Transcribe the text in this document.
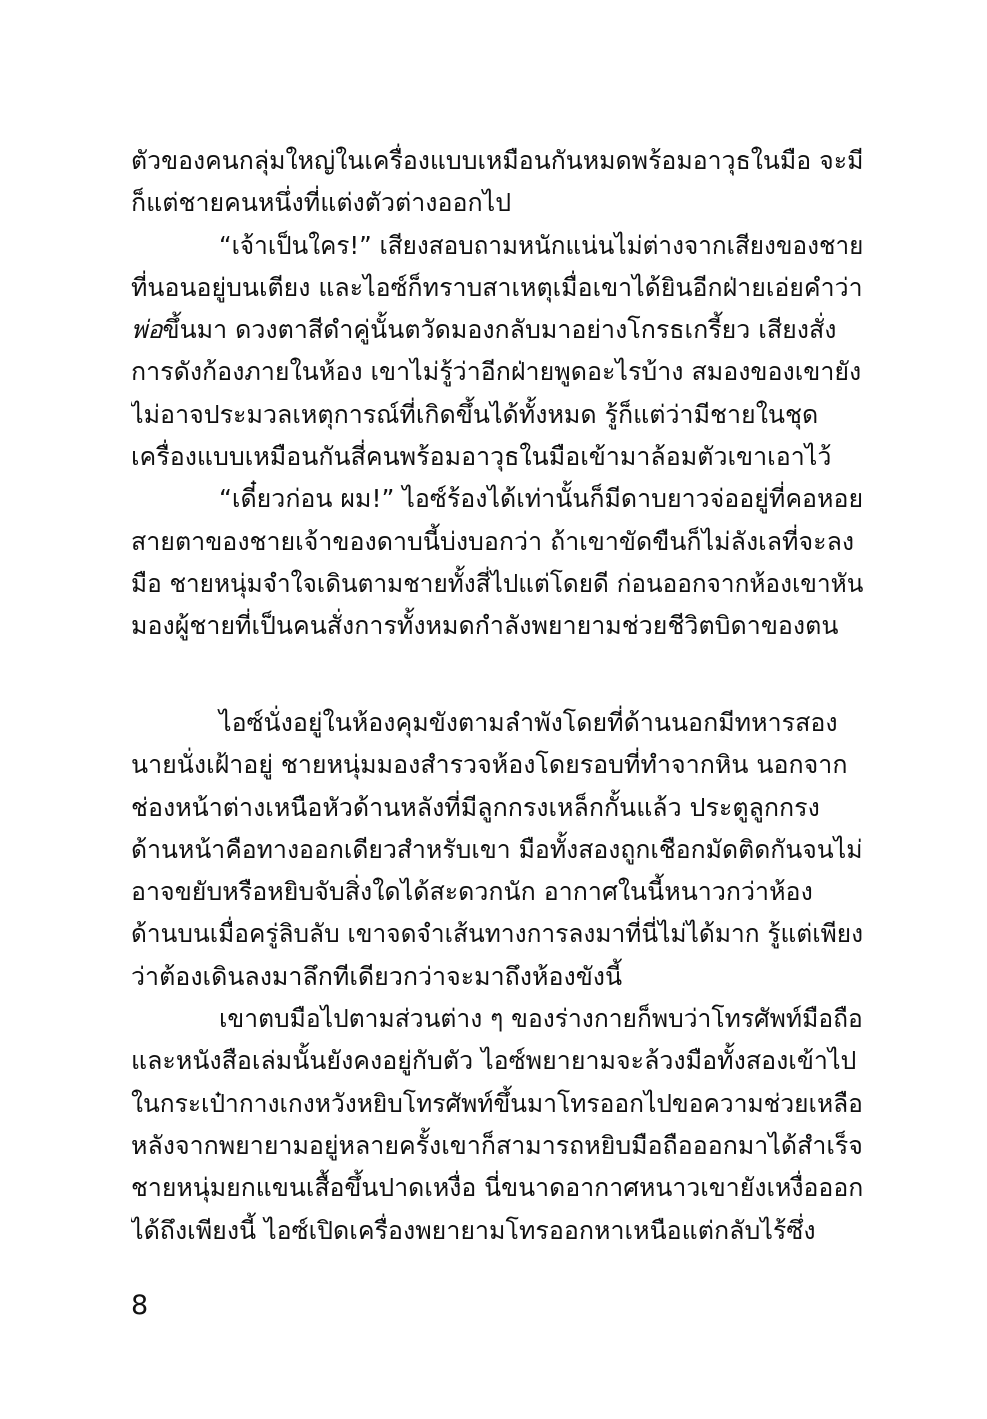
ตัวของคนกลุ่มใหญ่ในเครื่องแบบเหมือนกันหมดพร้อมอาวุธในมือ จะมี
ก็แต่ชายคนหนึ่งที่แต่งตัวต่างออกไป
“เจ้าเป็นใคร!” เสียงสอบถามหนักแน่นไม่ต่างจากเสียงของชาย
ที่นอนอยู่บนเตียง และไอซ์ก็ทราบสาเหตุเมื่อเขาได้ยินอีกฝ่ายเอ่ยคำว่า
พ่อขึ้นมา ดวงตาสีดำคู่นั้นตวัดมองกลับมาอย่างโกรธเกรี้ยว เสียงสั่ง
การดังก้องภายในห้อง เขาไม่รู้ว่าอีกฝ่ายพูดอะไรบ้าง สมองของเขายัง
ไม่อาจประมวลเหตุการณ์ที่เกิดขึ้นได้ทั้งหมด รู้ก็แต่ว่ามีชายในชุด
เครื่องแบบเหมือนกันสี่คนพร้อมอาวุธในมือเข้ามาล้อมตัวเขาเอาไว้
“เดี๋ยวก่อน ผม!” ไอซ์ร้องได้เท่านั้นก็มีดาบยาวจ่ออยู่ที่คอหอย
สายตาของชายเจ้าของดาบนี้บ่งบอกว่า ถ้าเขาขัดขืนก็ไม่ลังเลที่จะลง
มือ ชายหนุ่มจำใจเดินตามชายทั้งสี่ไปแต่โดยดี ก่อนออกจากห้องเขาหัน
มองผู้ชายที่เป็นคนสั่งการทั้งหมดกำลังพยายามช่วยชีวิตบิดาของตน
ไอซ์นั่งอยู่ในห้องคุมขังตามลำพังโดยที่ด้านนอกมีทหารสอง
นายนั่งเฝ้าอยู่ ชายหนุ่มมองสำรวจห้องโดยรอบที่ทำจากหิน นอกจาก
ช่องหน้าต่างเหนือหัวด้านหลังที่มีลูกกรงเหล็กกั้นแล้ว ประตูลูกกรง
ด้านหน้าคือทางออกเดียวสำหรับเขา มือทั้งสองถูกเชือกมัดติดกันจนไม่
อาจขยับหรือหยิบจับสิ่งใดได้สะดวกนัก อากาศในนี้หนาวกว่าห้อง
ด้านบนเมื่อครู่ลิบลับ เขาจดจำเส้นทางการลงมาที่นี่ไม่ได้มาก รู้แต่เพียง
ว่าต้องเดินลงมาลึกทีเดียวกว่าจะมาถึงห้องขังนี้
เขาตบมือไปตามส่วนต่าง ๆ ของร่างกายก็พบว่าโทรศัพท์มือถือ
และหนังสือเล่มนั้นยังคงอยู่กับตัว ไอซ์พยายามจะล้วงมือทั้งสองเข้าไป
ในกระเป๋ากางเกงหวังหยิบโทรศัพท์ขึ้นมาโทรออกไปขอความช่วยเหลือ
หลังจากพยายามอยู่หลายครั้งเขาก็สามารถหยิบมือถือออกมาได้สำเร็จ
ชายหนุ่มยกแขนเสื้อขึ้นปาดเหงื่อ นี่ขนาดอากาศหนาวเขายังเหงื่อออก
ได้ถึงเพียงนี้ ไอซ์เปิดเครื่องพยายามโทรออกหาเหนือแต่กลับไร้ซึ่ง
8
